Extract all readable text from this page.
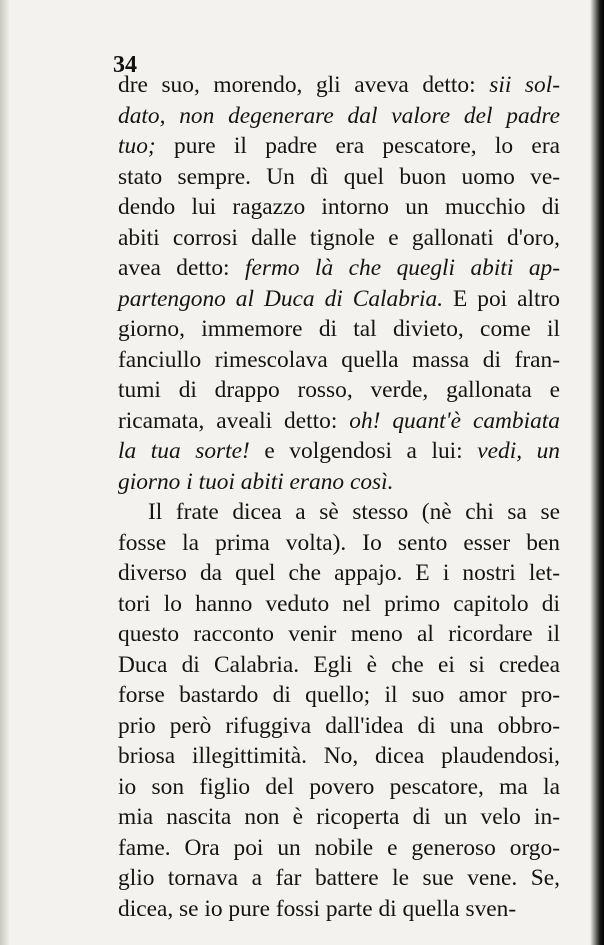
34
dre suo, morendo, gli aveva detto: sii sol-
dato, non degenerare dal valore del padre
tuo; pure il padre era pescatore, lo era
stato sempre. Un dì quel buon uomo ve-
dendo lui ragazzo intorno un mucchio di
abiti corrosi dalle tignole e gallonati d'oro,
avea detto: fermo là che quegli abiti ap-
partengono al Duca di Calabria. E poi altro
giorno, immemore di tal divieto, come il
fanciullo rimescolava quella massa di fran-
tumi di drappo rosso, verde, gallonata e
ricamata, aveali detto: oh! quant'è cambiata
la tua sorte! e volgendosi a lui: vedi, un
giorno i tuoi abiti erano così.
Il frate dicea a sè stesso (nè chi sa se
fosse la prima volta). Io sento esser ben
diverso da quel che appajo. E i nostri let-
tori lo hanno veduto nel primo capitolo di
questo racconto venir meno al ricordare il
Duca di Calabria. Egli è che ei si credea
forse bastardo di quello; il suo amor pro-
prio però rifuggiva dall'idea di una obbro-
briosa illegittimità. No, dicea plaudendosi,
io son figlio del povero pescatore, ma la
mia nascita non è ricoperta di un velo in-
fame. Ora poi un nobile e generoso orgo-
glio tornava a far battere le sue vene. Se,
dicea, se io pure fossi parte di quella sven-
